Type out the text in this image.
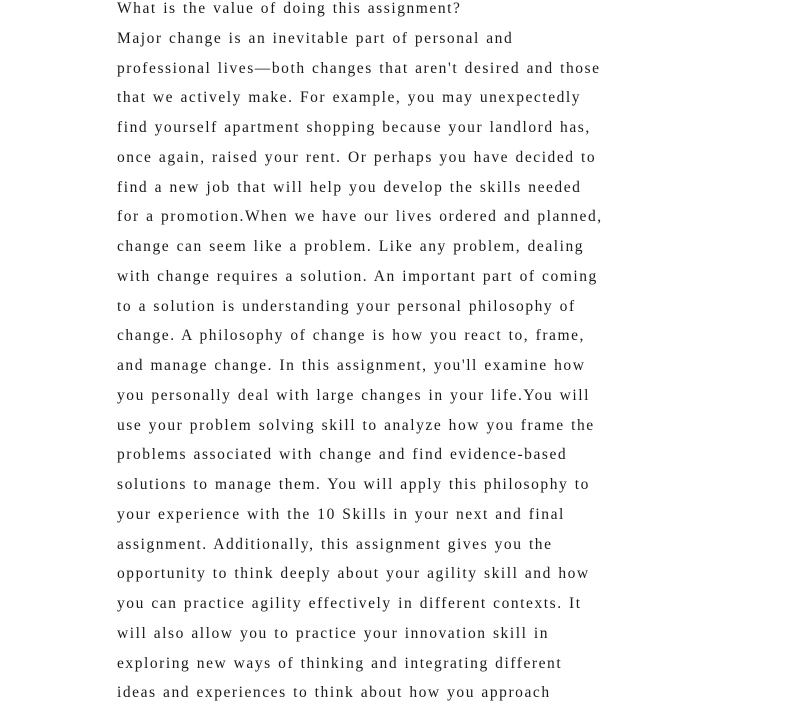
What is the value of doing this assignment?
Major change is an inevitable part of personal and
professional lives—both changes that aren't desired and those
that we actively make. For example, you may unexpectedly
find yourself apartment shopping because your landlord has,
once again, raised your rent. Or perhaps you have decided to
find a new job that will help you develop the skills needed
for a promotion.When we have our lives ordered and planned,
change can seem like a problem. Like any problem, dealing
with change requires a solution. An important part of coming
to a solution is understanding your personal philosophy of
change. A philosophy of change is how you react to, frame,
and manage change. In this assignment, you'll examine how
you personally deal with large changes in your life.You will
use your problem solving skill to analyze how you frame the
problems associated with change and find evidence-based
solutions to manage them. You will apply this philosophy to
your experience with the 10 Skills in your next and final
assignment. Additionally, this assignment gives you the
opportunity to think deeply about your agility skill and how
you can practice agility effectively in different contexts. It
will also allow you to practice your innovation skill in
exploring new ways of thinking and integrating different
ideas and experiences to think about how you approach
